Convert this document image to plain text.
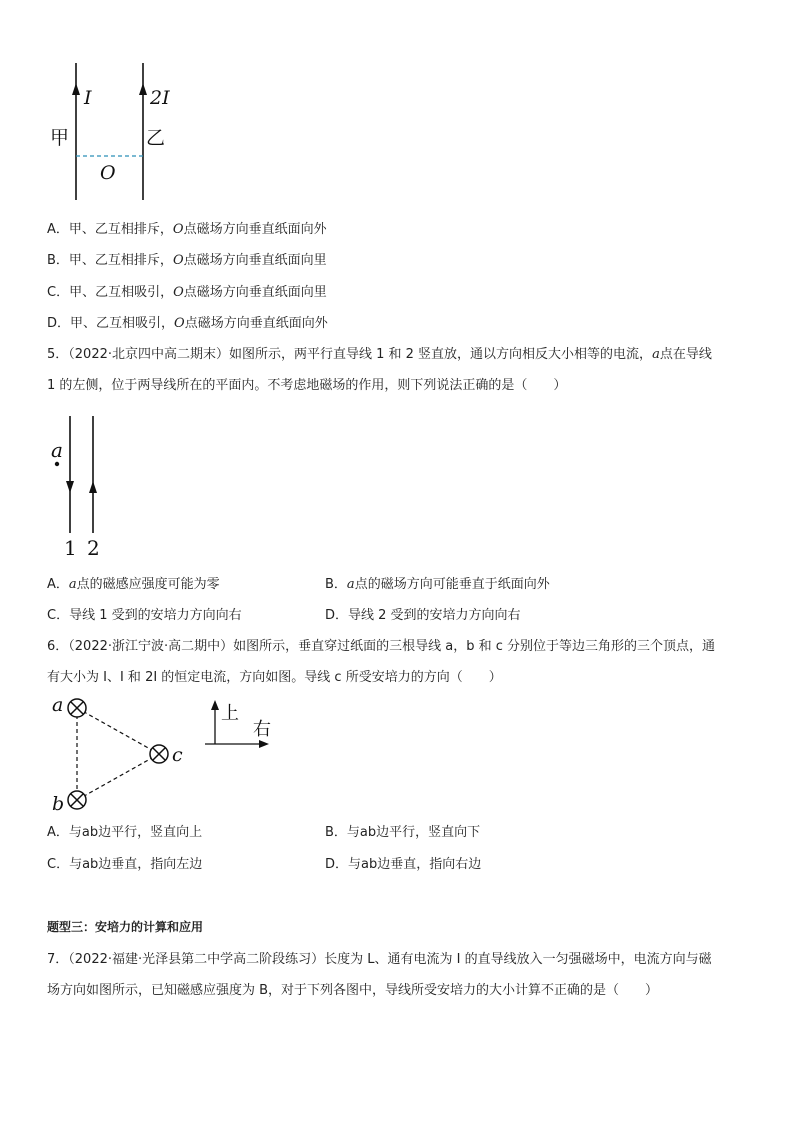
I	2I
甲	乙
O
A．甲、乙互相排斥，O点磁场方向垂直纸面向外
B．甲、乙互相排斥，O点磁场方向垂直纸面向里
C．甲、乙互相吸引，O点磁场方向垂直纸面向里
D．甲、乙互相吸引，O点磁场方向垂直纸面向外
5．（2022·北京四中高二期末）如图所示，两平行直导线 1 和 2 竖直放，通以方向相反大小相等的电流，a点在导线
1 的左侧，位于两导线所在的平面内。不考虑地磁场的作用，则下列说法正确的是（　　）
a
1 2
A．a点的磁感应强度可能为零	B．a点的磁场方向可能垂直于纸面向外
C．导线 1 受到的安培力方向向右	D．导线 2 受到的安培力方向向右
6．（2022·浙江宁波·高二期中）如图所示，垂直穿过纸面的三根导线 a，b 和 c 分别位于等边三角形的三个顶点，通
有大小为 I、I 和 2I 的恒定电流，方向如图。导线 c 所受安培力的方向（　　）
a
b
c
上
右
A．与ab边平行，竖直向上	B．与ab边平行，竖直向下
C．与ab边垂直，指向左边	D．与ab边垂直，指向右边
题型三：安培力的计算和应用
7．（2022·福建·光泽县第二中学高二阶段练习）长度为 L、通有电流为 I 的直导线放入一匀强磁场中，电流方向与磁
场方向如图所示，已知磁感应强度为 B，对于下列各图中，导线所受安培力的大小计算不正确的是（　　）
